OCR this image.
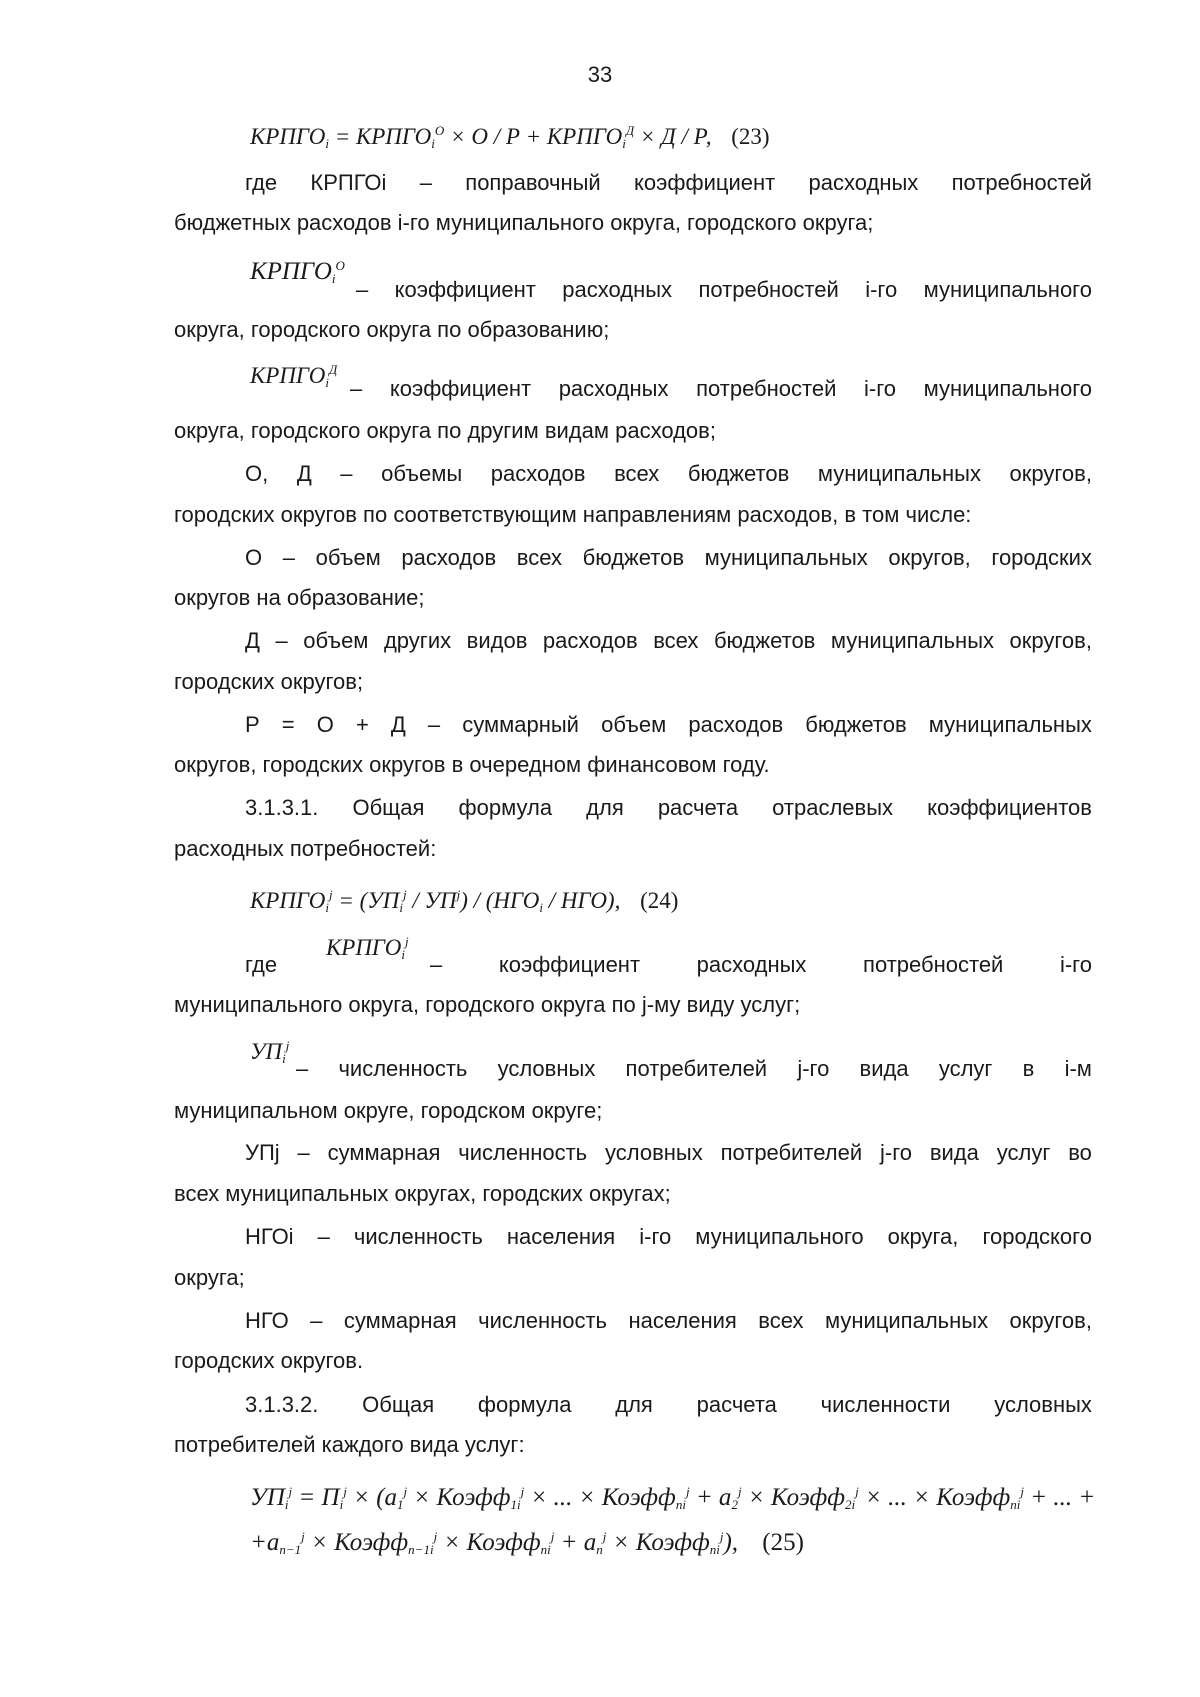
33
$КРПГО_i$ = $КРПГО_i^О \times О / Р$ + $КРПГО_i^Д \times Д / Р$, (23)
где КРПГОi – поправочный коэффициент расходных потребностей
бюджетных расходов i-го муниципального округа, городского округа;
$КРПГО_i^O$
– коэффициент расходных потребностей i-го муниципального
округа, городского округа по образованию;
$КРПГО_i^Д$
– коэффициент расходных потребностей i-го муниципального
округа, городского округа по другим видам расходов;
О, Д – объемы расходов всех бюджетов муниципальных округов,
городских округов по соответствующим направлениям расходов, в том числе:
О – объем расходов всех бюджетов муниципальных округов, городских
округов на образование;
Д – объем других видов расходов всех бюджетов муниципальных округов,
городских округов;
Р = О + Д – суммарный объем расходов бюджетов муниципальных
округов, городских округов в очередном финансовом году.
3.1.3.1. Общая формула для расчета отраслевых коэффициентов
расходных потребностей:
$КРПГО_i^j = (УП_i^j / УП^j) / (НГО_i / НГО)$, (24)
где
$КРПГО_i^j$
–	коэффициент	расходных	потребностей	i-го
муниципального округа, городского округа по j-му виду услуг;
$УП_i^j$
– численность условных потребителей j-го вида услуг в i-м
муниципальном округе, городском округе;
УПj – суммарная численность условных потребителей j-го вида услуг во
всех муниципальных округах, городских округах;
НГОi – численность населения i-го муниципального округа, городского
округа;
НГО – суммарная численность населения всех муниципальных округов,
городских округов.
3.1.3.2. Общая формула для расчета численности условных
потребителей каждого вида услуг:
$УП_i^j = П_i^j \times (a_1^j$ × Коэфф$_{1i}^j$ × ... × Коэфф$_{ni}^j$ + $a_2^j$ × Коэфф$_{2i}^j$ × ... × Коэфф$_{ni}^j$ + ... +
$+a_{n-1}^j$ × Коэфф$_{n-1i}^j$ × Коэфф$_{ni}^j$ + $a_n^j$ × Коэфф$_{ni}^j$), (25)
